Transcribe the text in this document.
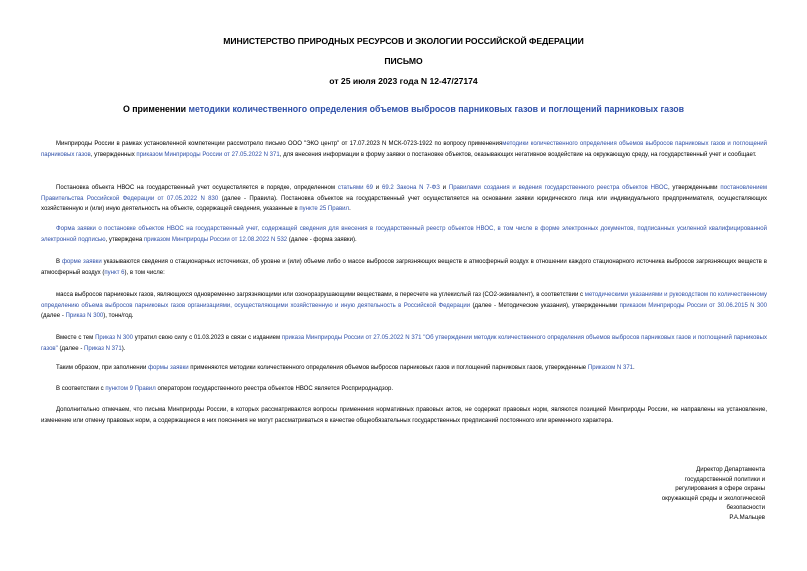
МИНИСТЕРСТВО ПРИРОДНЫХ РЕСУРСОВ И ЭКОЛОГИИ РОССИЙСКОЙ ФЕДЕРАЦИИ
ПИСЬМО
от 25 июля 2023 года N 12-47/27174
О применении методики количественного определения объемов выбросов парниковых газов и поглощений парниковых газов

Минприроды России в рамках установленной компетенции рассмотрело письмо ООО "ЭКО центр" от 17.07.2023 N МСК-0723-1922 по вопросу примененияметодики количественного определения объемов выбросов парниковых газов и поглощений парниковых газов, утвержденных приказом Минприроды России от 27.05.2022 N 371, для внесения информации в форму заявки о постановке объектов, оказывающих негативное воздействие на окружающую среду, на государственный учет и сообщает.

Постановка объекта НВОС на государственный учет осуществляется в порядке, определенном статьями 69 и 69.2 Закона N 7-ФЗ и Правилами создания и ведения государственного реестра объектов НВОС, утвержденными постановлением Правительства Российской Федерации от 07.05.2022 N 830 (далее - Правила). Постановка объектов на государственный учет осуществляется на основании заявки юридического лица или индивидуального предпринимателя, осуществляющих хозяйственную и (или) иную деятельность на объекте, содержащей сведения, указанные в пункте 25 Правил.

Форма заявки о постановке объектов НВОС на государственный учет, содержащей сведения для внесения в государственный реестр объектов НВОС, в том числе в форме электронных документов, подписанных усиленной квалифицированной электронной подписью, утверждена приказом Минприроды России от 12.08.2022 N 532 (далее - форма заявки).

В форме заявки указываются сведения о стационарных источниках, об уровне и (или) объеме либо о массе выбросов загрязняющих веществ в атмосферный воздух в отношении каждого стационарного источника выбросов загрязняющих веществ в атмосферный воздух (пункт 6), в том числе:

масса выбросов парниковых газов, являющихся одновременно загрязняющими или озоноразрушающими веществами, в пересчете на углекислый газ (CO2-эквивалент), в соответствии с методическими указаниями и руководством по количественному определению объема выбросов парниковых газов организациями, осуществляющими хозяйственную и иную деятельность в Российской Федерации (далее - Методические указания), утвержденными приказом Минприроды России от 30.06.2015 N 300 (далее - Приказ N 300), тонн/год.

Вместе с тем Приказ N 300 утратил свою силу с 01.03.2023 в связи с изданием приказа Минприроды России от 27.05.2022 N 371 "Об утверждении методик количественного определения объемов выбросов парниковых газов и поглощений парниковых газов" (далее - Приказ N 371).

Таким образом, при заполнении формы заявки применяются методики количественного определения объемов выбросов парниковых газов и поглощений парниковых газов, утвержденные Приказом N 371.

В соответствии с пунктом 9 Правил оператором государственного реестра объектов НВОС является Росприроднадзор.

Дополнительно отмечаем, что письма Минприроды России, в которых рассматриваются вопросы применения нормативных правовых актов, не содержат правовых норм, являются позицией Минприроды России, не направлены на установление, изменение или отмену правовых норм, а содержащиеся в них пояснения не могут рассматриваться в качестве общеобязательных государственных предписаний постоянного или временного характера.

Директор Департамента
государственной политики и
регулирования в сфере охраны
окружающей среды и экологической
безопасности
Р.А.Мальцев
